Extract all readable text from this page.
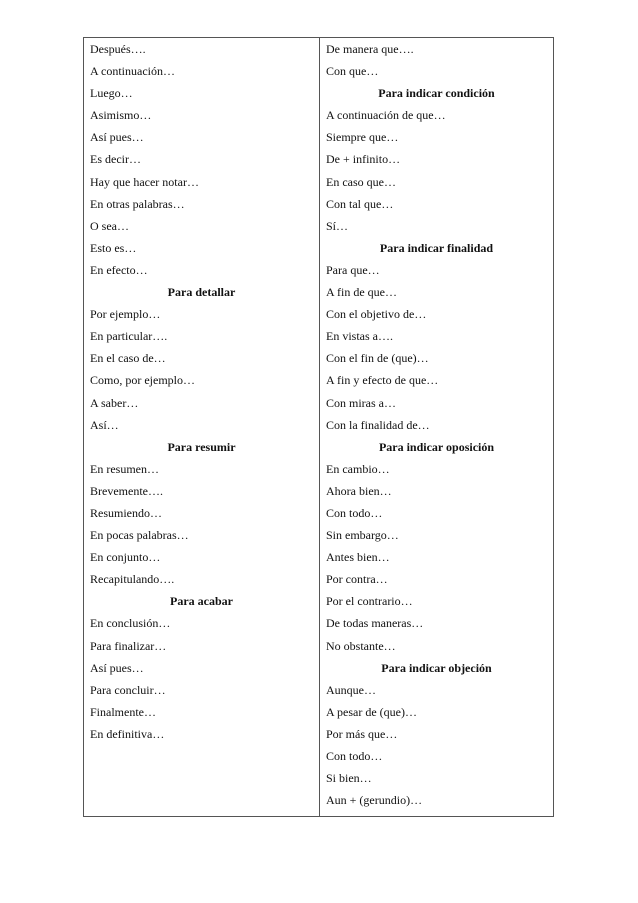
Después….
A continuación…
Luego…
Asimismo…
Así pues…
Es decir…
Hay que hacer notar…
En otras palabras…
O sea…
Esto es…
En efecto…
Para detallar
Por ejemplo…
En particular….
En el caso de…
Como, por ejemplo…
A saber…
Así…
Para resumir
En resumen…
Brevemente….
Resumiendo…
En pocas palabras…
En conjunto…
Recapitulando….
Para acabar
En conclusión…
Para finalizar…
Así pues…
Para concluir…
Finalmente…
En definitiva…
De manera que….
Con que…
Para indicar condición
A continuación de que…
Siempre que…
De + infinito…
En caso que…
Con tal que…
Sí…
Para indicar finalidad
Para que…
A fin de que…
Con el objetivo de…
En vistas a….
Con el fin de (que)…
A fin y efecto de que…
Con miras a…
Con la finalidad de…
Para indicar oposición
En cambio…
Ahora bien…
Con todo…
Sin embargo…
Antes bien…
Por contra…
Por el contrario…
De todas maneras…
No obstante…
Para indicar objeción
Aunque…
A pesar de (que)…
Por más que…
Con todo…
Si bien…
Aun + (gerundio)…
